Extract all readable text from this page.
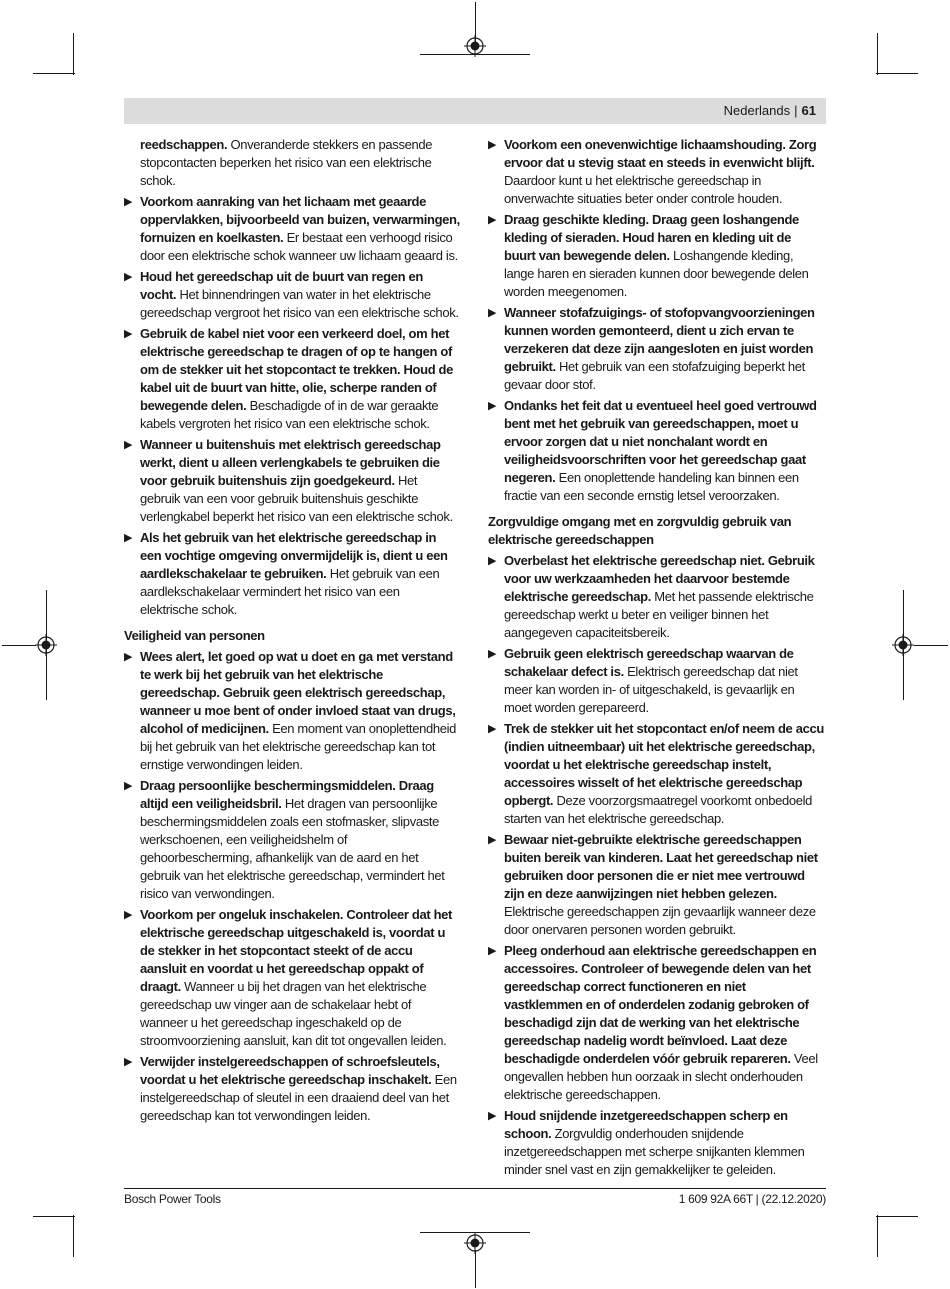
Nederlands | 61

reedschappen. Onveranderde stekkers en passende stopcontacten beperken het risico van een elektrische schok.

▶ Voorkom aanraking van het lichaam met geaarde oppervlakken, bijvoorbeeld van buizen, verwarmingen, fornuizen en koelkasten. Er bestaat een verhoogd risico door een elektrische schok wanneer uw lichaam geaard is.

▶ Houd het gereedschap uit de buurt van regen en vocht. Het binnendringen van water in het elektrische gereedschap vergroot het risico van een elektrische schok.

▶ Gebruik de kabel niet voor een verkeerd doel, om het elektrische gereedschap te dragen of op te hangen of om de stekker uit het stopcontact te trekken. Houd de kabel uit de buurt van hitte, olie, scherpe randen of bewegende delen. Beschadigde of in de war geraakte kabels vergroten het risico van een elektrische schok.

▶ Wanneer u buitenshuis met elektrisch gereedschap werkt, dient u alleen verlengkabels te gebruiken die voor gebruik buitenshuis zijn goedgekeurd. Het gebruik van een voor gebruik buitenshuis geschikte verlengkabel beperkt het risico van een elektrische schok.

▶ Als het gebruik van het elektrische gereedschap in een vochtige omgeving onvermijdelijk is, dient u een aardlekschakelaar te gebruiken. Het gebruik van een aardlekschakelaar vermindert het risico van een elektrische schok.

Veiligheid van personen

▶ Wees alert, let goed op wat u doet en ga met verstand te werk bij het gebruik van het elektrische gereedschap. Gebruik geen elektrisch gereedschap, wanneer u moe bent of onder invloed staat van drugs, alcohol of medicijnen. Een moment van onoplettendheid bij het gebruik van het elektrische gereedschap kan tot ernstige verwondingen leiden.

▶ Draag persoonlijke beschermingsmiddelen. Draag altijd een veiligheidsbril. Het dragen van persoonlijke beschermingsmiddelen zoals een stofmasker, slipvaste werkschoenen, een veiligheidshelm of gehoorbescherming, afhankelijk van de aard en het gebruik van het elektrische gereedschap, vermindert het risico van verwondingen.

▶ Voorkom per ongeluk inschakelen. Controleer dat het elektrische gereedschap uitgeschakeld is, voordat u de stekker in het stopcontact steekt of de accu aansluit en voordat u het gereedschap oppakt of draagt. Wanneer u bij het dragen van het elektrische gereedschap uw vinger aan de schakelaar hebt of wanneer u het gereedschap ingeschakeld op de stroomvoorziening aansluit, kan dit tot ongevallen leiden.

▶ Verwijder instelgereedschappen of schroefsleutels, voordat u het elektrische gereedschap inschakelt. Een instelgereedschap of sleutel in een draaiend deel van het gereedschap kan tot verwondingen leiden.

▶ Voorkom een onevenwichtige lichaamshouding. Zorg ervoor dat u stevig staat en steeds in evenwicht blijft. Daardoor kunt u het elektrische gereedschap in onverwachte situaties beter onder controle houden.

▶ Draag geschikte kleding. Draag geen loshangende kleding of sieraden. Houd haren en kleding uit de buurt van bewegende delen. Loshangende kleding, lange haren en sieraden kunnen door bewegende delen worden meegenomen.

▶ Wanneer stofafzuigings- of stofopvangvoorzieningen kunnen worden gemonteerd, dient u zich ervan te verzekeren dat deze zijn aangesloten en juist worden gebruikt. Het gebruik van een stofafzuiging beperkt het gevaar door stof.

▶ Ondanks het feit dat u eventueel heel goed vertrouwd bent met het gebruik van gereedschappen, moet u ervoor zorgen dat u niet nonchalant wordt en veiligheidsvoorschriften voor het gereedschap gaat negeren. Een onoplettende handeling kan binnen een fractie van een seconde ernstig letsel veroorzaken.

Zorgvuldige omgang met en zorgvuldig gebruik van elektrische gereedschappen

▶ Overbelast het elektrische gereedschap niet. Gebruik voor uw werkzaamheden het daarvoor bestemde elektrische gereedschap. Met het passende elektrische gereedschap werkt u beter en veiliger binnen het aangegeven capaciteitsbereik.

▶ Gebruik geen elektrisch gereedschap waarvan de schakelaar defect is. Elektrisch gereedschap dat niet meer kan worden in- of uitgeschakeld, is gevaarlijk en moet worden gerepareerd.

▶ Trek de stekker uit het stopcontact en/of neem de accu (indien uitneembaar) uit het elektrische gereedschap, voordat u het elektrische gereedschap instelt, accessoires wisselt of het elektrische gereedschap opbergt. Deze voorzorgsmaatregel voorkomt onbedoeld starten van het elektrische gereedschap.

▶ Bewaar niet-gebruikte elektrische gereedschappen buiten bereik van kinderen. Laat het gereedschap niet gebruiken door personen die er niet mee vertrouwd zijn en deze aanwijzingen niet hebben gelezen. Elektrische gereedschappen zijn gevaarlijk wanneer deze door onervaren personen worden gebruikt.

▶ Pleeg onderhoud aan elektrische gereedschappen en accessoires. Controleer of bewegende delen van het gereedschap correct functioneren en niet vastklemmen en of onderdelen zodanig gebroken of beschadigd zijn dat de werking van het elektrische gereedschap nadelig wordt beïnvloed. Laat deze beschadigde onderdelen vóór gebruik repareren. Veel ongevallen hebben hun oorzaak in slecht onderhouden elektrische gereedschappen.

▶ Houd snijdende inzetgereedschappen scherp en schoon. Zorgvuldig onderhouden snijdende inzetgereedschappen met scherpe snijkanten klemmen minder snel vast en zijn gemakkelijker te geleiden.

Bosch Power Tools	1 609 92A 66T | (22.12.2020)
